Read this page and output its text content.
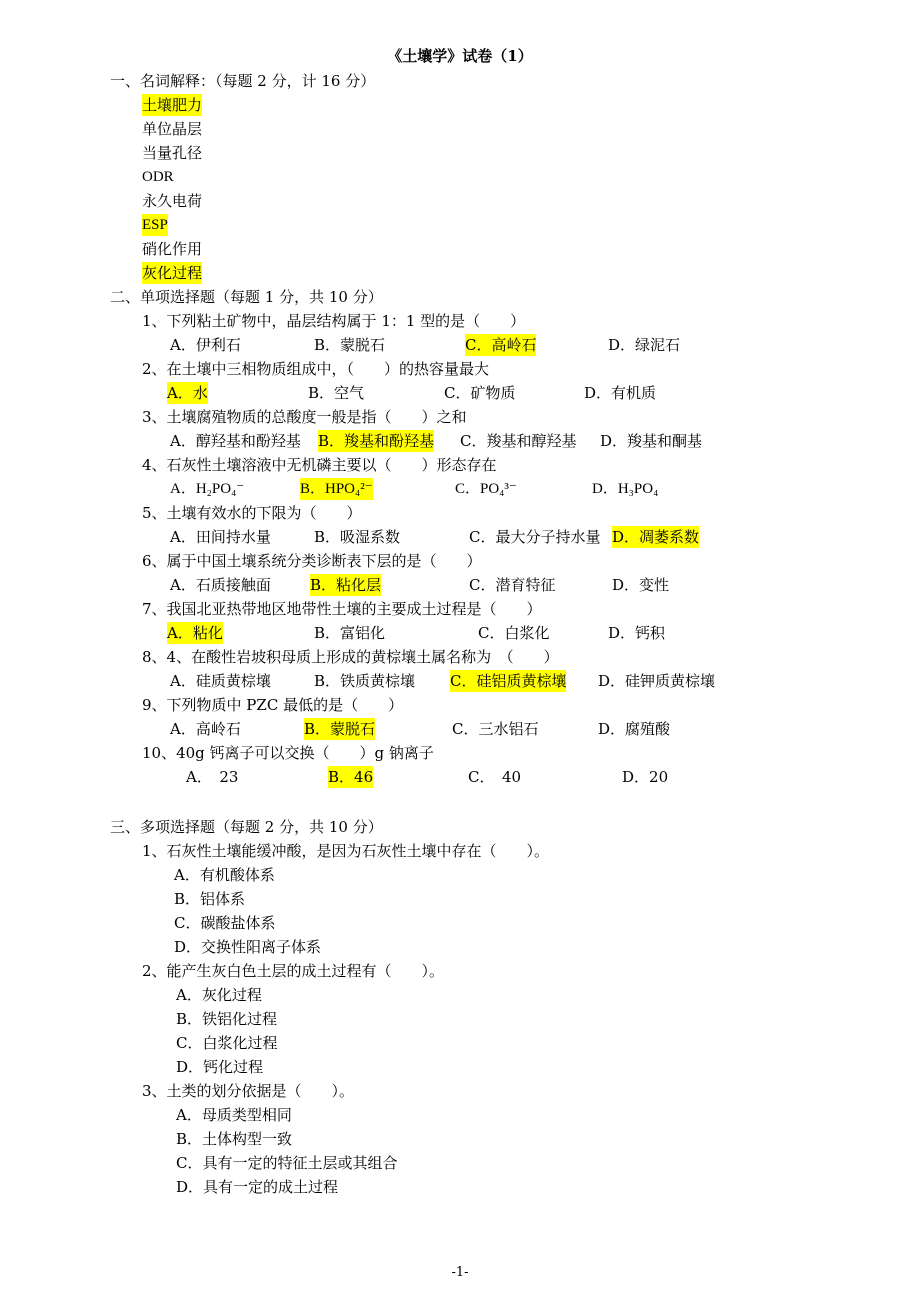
《土壤学》试卷（1）
一、名词解释：（每题 2 分，计 16 分）
土壤肥力
单位晶层
当量孔径
ODR
永久电荷
ESP
硝化作用
灰化过程
二、单项选择题（每题 1 分，共 10 分）
1、下列粘土矿物中，晶层结构属于 1：1 型的是（　　）
A．伊利石	B．蒙脱石	C．高岭石	D．绿泥石
2、在土壤中三相物质组成中，（　　）的热容量最大
A．水	B．空气	C．矿物质	D．有机质
3、土壤腐殖物质的总酸度一般是指（　　）之和
A．醇羟基和酚羟基 B．羧基和酚羟基 C．羧基和醇羟基 D．羧基和酮基
4、石灰性土壤溶液中无机磷主要以（　　）形态存在
A．H₂PO₄⁻	B．HPO₄²⁻	C．PO₄³⁻	D．H₃PO₄
5、土壤有效水的下限为（　　）
A．田间持水量	B．吸湿系数	C．最大分子持水量 D．凋萎系数
6、属于中国土壤系统分类诊断表下层的是（　　）
A．石质接触面	B．粘化层	C．潜育特征	D．变性
7、我国北亚热带地区地带性土壤的主要成土过程是（　　）
A．粘化	B．富铝化	C．白浆化	D．钙积
8、4、在酸性岩坡积母质上形成的黄棕壤土属名称为　（　　）
A．硅质黄棕壤	B．铁质黄棕壤 C．硅铝质黄棕壤 D．硅钾质黄棕壤
9、下列物质中 PZC 最低的是（　　）
A．高岭石	B．蒙脱石	C．三水铝石	D．腐殖酸
10、40g 钙离子可以交换（　　）g 钠离子
A．　23	B．46	C．　40	D．20
三、多项选择题（每题 2 分，共 10 分）
1、石灰性土壤能缓冲酸，是因为石灰性土壤中存在（　　）。
A．有机酸体系
B．铝体系
C．碳酸盐体系
D．交换性阳离子体系
2、能产生灰白色土层的成土过程有（　　）。
A．灰化过程
B．铁铝化过程
C．白浆化过程
D．钙化过程
3、土类的划分依据是（　　）。
A．母质类型相同
B．土体构型一致
C．具有一定的特征土层或其组合
D．具有一定的成土过程
-1-
